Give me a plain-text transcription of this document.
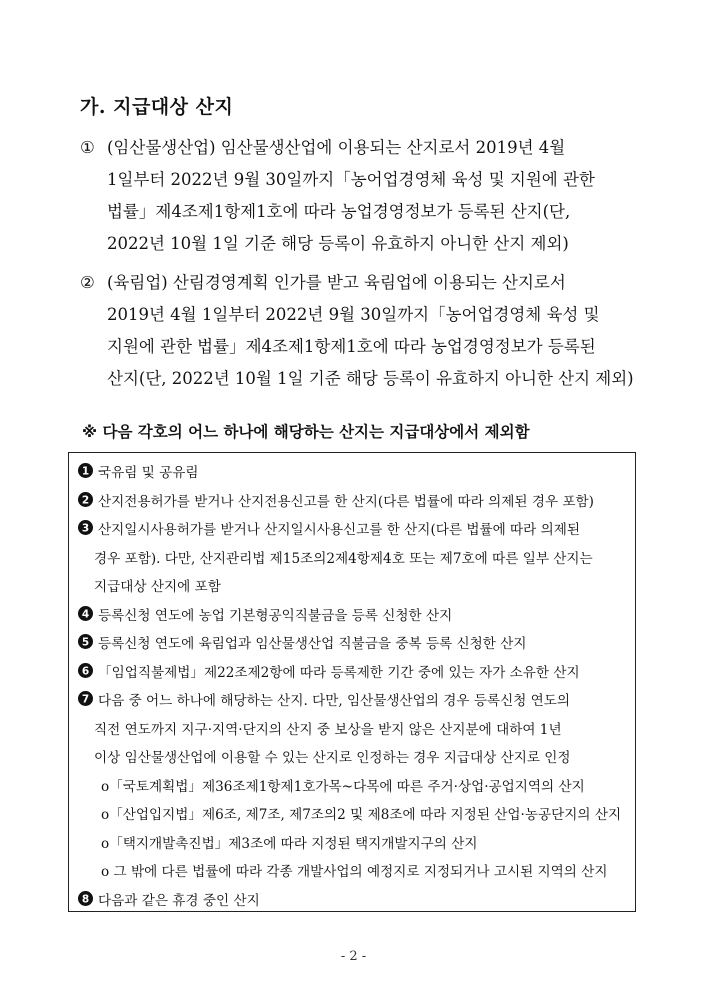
가. 지급대상 산지
① (임산물생산업) 임산물생산업에 이용되는 산지로서 2019년 4월
1일부터 2022년 9월 30일까지「농어업경영체 육성 및 지원에 관한
법률」제4조제1항제1호에 따라 농업경영정보가 등록된 산지(단,
2022년 10월 1일 기준 해당 등록이 유효하지 아니한 산지 제외)
② (육림업) 산림경영계획 인가를 받고 육림업에 이용되는 산지로서
2019년 4월 1일부터 2022년 9월 30일까지「농어업경영체 육성 및
지원에 관한 법률」제4조제1항제1호에 따라 농업경영정보가 등록된
산지(단, 2022년 10월 1일 기준 해당 등록이 유효하지 아니한 산지 제외)
※ 다음 각호의 어느 하나에 해당하는 산지는 지급대상에서 제외함
1 국유림 및 공유림
2 산지전용허가를 받거나 산지전용신고를 한 산지(다른 법률에 따라 의제된 경우 포함)
3 산지일시사용허가를 받거나 산지일시사용신고를 한 산지(다른 법률에 따라 의제된
경우 포함). 다만, 산지관리법 제15조의2제4항제4호 또는 제7호에 따른 일부 산지는
지급대상 산지에 포함
4 등록신청 연도에 농업 기본형공익직불금을 등록 신청한 산지
5 등록신청 연도에 육림업과 임산물생산업 직불금을 중복 등록 신청한 산지
6 「임업직불제법」제22조제2항에 따라 등록제한 기간 중에 있는 자가 소유한 산지
7 다음 중 어느 하나에 해당하는 산지. 다만, 임산물생산업의 경우 등록신청 연도의
직전 연도까지 지구·지역·단지의 산지 중 보상을 받지 않은 산지분에 대하여 1년
이상 임산물생산업에 이용할 수 있는 산지로 인정하는 경우 지급대상 산지로 인정
o「국토계획법」제36조제1항제1호가목~다목에 따른 주거·상업·공업지역의 산지
o「산업입지법」제6조, 제7조, 제7조의2 및 제8조에 따라 지정된 산업·농공단지의 산지
o「택지개발촉진법」제3조에 따라 지정된 택지개발지구의 산지
o 그 밖에 다른 법률에 따라 각종 개발사업의 예정지로 지정되거나 고시된 지역의 산지
8 다음과 같은 휴경 중인 산지
- 2 -
